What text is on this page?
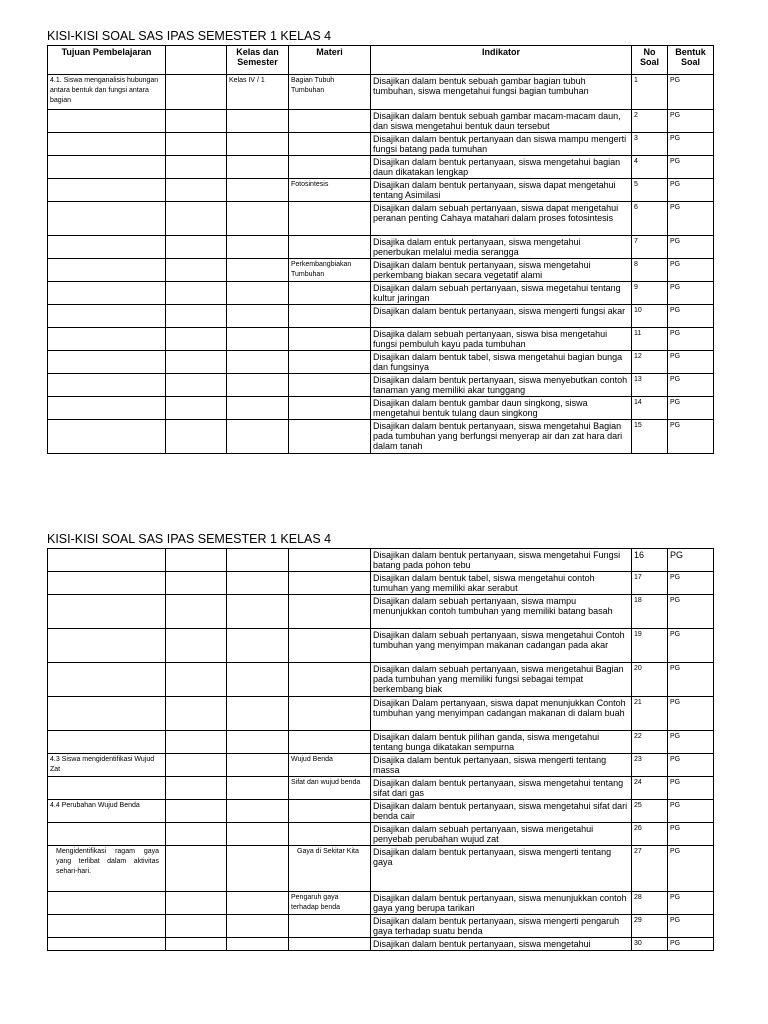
KISI-KISI SOAL SAS IPAS SEMESTER 1 KELAS 4
Tujuan Pembelajaran		Kelas dan Semester	Materi	Indikator	No Soal	Bentuk Soal
4.1. Siswa menganalisis hubungan antara bentuk dan fungsi antara bagian		Kelas IV / 1	Bagian Tubuh Tumbuhan	Disajikan dalam bentuk sebuah gambar bagian tubuh tumbuhan, siswa mengetahui fungsi bagian tumbuhan	1	PG
				Disajikan dalam bentuk sebuah gambar macam-macam daun, dan siswa mengetahui bentuk daun tersebut	2	PG
				Disajikan dalam bentuk pertanyaan dan siswa mampu mengerti fungsi batang pada tumuhan	3	PG
				Disajikan dalam bentuk pertanyaan, siswa mengetahui bagian daun dikatakan lengkap	4	PG
			Fotosintesis	Disajikan dalam bentuk pertanyaan, siswa dapat mengetahui tentang Asimilasi	5	PG
				Disajikan dalam sebuah pertanyaan, siswa dapat mengetahui peranan penting Cahaya matahari dalam proses fotosintesis	6	PG
				Disajika dalam entuk pertanyaan, siswa mengetahui penerbukan melalui media serangga	7	PG
			Perkembangbiakan Tumbuhan	Disajikan dalam bentuk pertanyaan, siswa mengetahui perkembang biakan secara vegetatif alami	8	PG
				Disajikan dalam sebuah pertanyaan, siswa megetahui tentang kultur jaringan	9	PG
				Disajikan dalam bentuk pertanyaan, siswa mengerti fungsi akar	10	PG
				Disajika dalam sebuah pertanyaan, siswa bisa mengetahui fungsi pembuluh kayu pada tumbuhan	11	PG
				Disajikan dalam bentuk tabel, siswa mengetahui bagian bunga dan fungsinya	12	PG
				Disajikan dalam bentuk pertanyaan, siswa menyebutkan contoh tanaman yang memiliki akar tunggang	13	PG
				Disajikan dalam bentuk gambar daun singkong, siswa mengetahui bentuk tulang daun singkong	14	PG
				Disajikan dalam bentuk pertanyaan, siswa mengetahui Bagian pada tumbuhan yang berfungsi menyerap air dan zat hara dari dalam tanah	15	PG
KISI-KISI SOAL SAS IPAS SEMESTER 1 KELAS 4
				Disajikan dalam bentuk pertanyaan, siswa mengetahui Fungsi batang pada pohon tebu	16	PG
				Disajikan dalam bentuk tabel, siswa mengetahui contoh tumuhan yang memiliki akar serabut	17	PG
				Disajikan dalam sebuah pertanyaan, siswa mampu menunjukkan contoh tumbuhan yang memiliki batang basah	18	PG
				Disajikan dalam sebuah pertanyaan, siswa mengetahui Contoh tumbuhan yang menyimpan makanan cadangan pada akar	19	PG
				Disajikan dalam sebuah pertanyaan, siswa mengetahui Bagian pada tumbuhan yang memiliki fungsi sebagai tempat berkembang biak	20	PG
				Disajikan Dalam pertanyaan, siswa dapat menunjukkan Contoh tumbuhan yang menyimpan cadangan makanan di dalam buah	21	PG
				Disajikan dalam bentuk pilihan ganda, siswa mengetahui tentang bunga dikatakan sempurna	22	PG
4.3 Siswa mengidentifikasi Wujud Zat			Wujud Benda	Disajika dalam bentuk pertanyaan, siswa mengerti tentang massa	23	PG
			Sifat dan wujud benda	Disajikan dalam bentuk pertanyaan, siswa mengetahui tentang sifat dari gas	24	PG
4.4 Perubahan Wujud Benda				Disajikan dalam bentuk pertanyaan, siswa mengetahui sifat dari benda cair	25	PG
				Disajikan dalam sebuah pertanyaan, siswa mengetahui penyebab perubahan wujud zat	26	PG
Mengidentifikasi ragam gaya yang terlibat dalam aktivitas sehari-hari.			Gaya di Sekitar Kita	Disajikan dalam bentuk pertanyaan, siswa mengerti tentang gaya	27	PG
			Pengaruh gaya terhadap benda	Disajikan dalam bentuk pertanyaan, siswa menunjukkan contoh gaya yang berupa tarikan	28	PG
				Disajikan dalam bentuk pertanyaan, siswa mengerti pengaruh gaya terhadap suatu benda	29	PG
				Disajikan dalam bentuk pertanyaan, siswa mengetahui	30	PG
